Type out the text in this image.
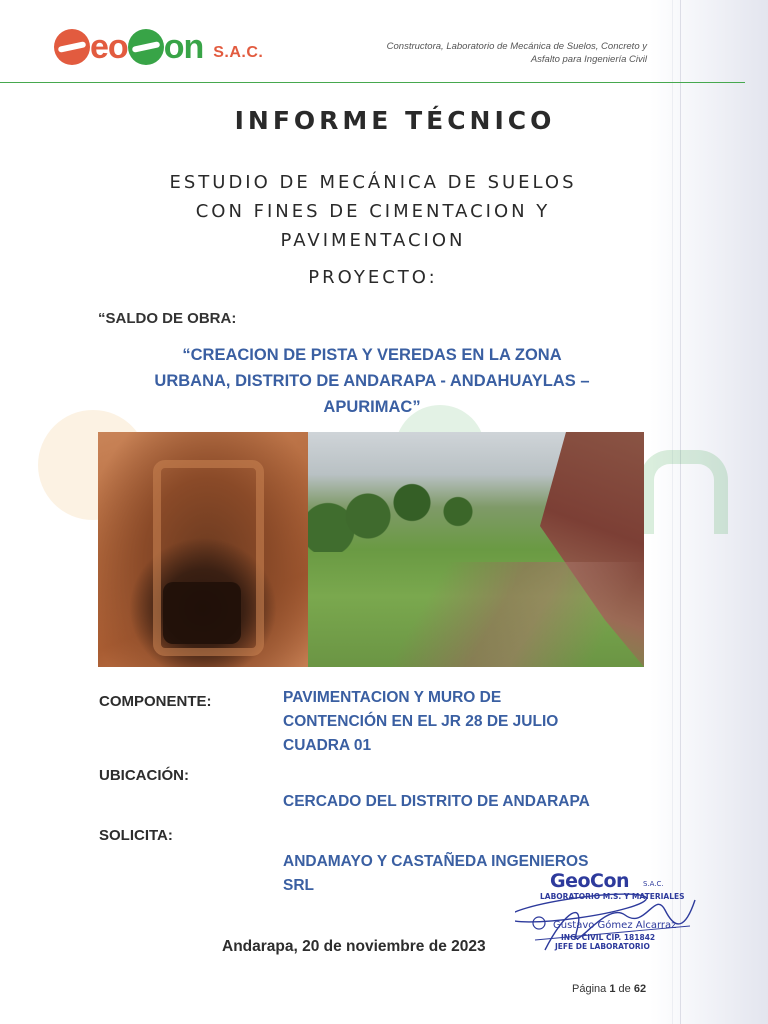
eo on S.A.C.	Constructora, Laboratorio de Mecánica de Suelos, Concreto y
Asfalto para Ingeniería Civil
INFORME TÉCNICO
ESTUDIO DE MECÁNICA DE SUELOS
CON FINES DE CIMENTACION Y
PAVIMENTACION
PROYECTO:
“SALDO DE OBRA:
“CREACION DE PISTA Y VEREDAS EN LA ZONA
URBANA, DISTRITO DE ANDARAPA - ANDAHUAYLAS –
APURIMAC”
COMPONENTE:	PAVIMENTACION Y MURO DE
CONTENCIÓN EN EL JR 28 DE JULIO
CUADRA 01
UBICACIÓN:
CERCADO DEL DISTRITO DE ANDARAPA
SOLICITA:
ANDAMAYO Y CASTAÑEDA INGENIEROS
SRL	GeoCon S.A.C.
LABORATORIO M.S. Y MATERIALES
Gustavo Gómez Alcarraz
ING. CIVIL CIP. 181842
JEFE DE LABORATORIO
Andarapa, 20 de noviembre de 2023
Página 1 de 62
